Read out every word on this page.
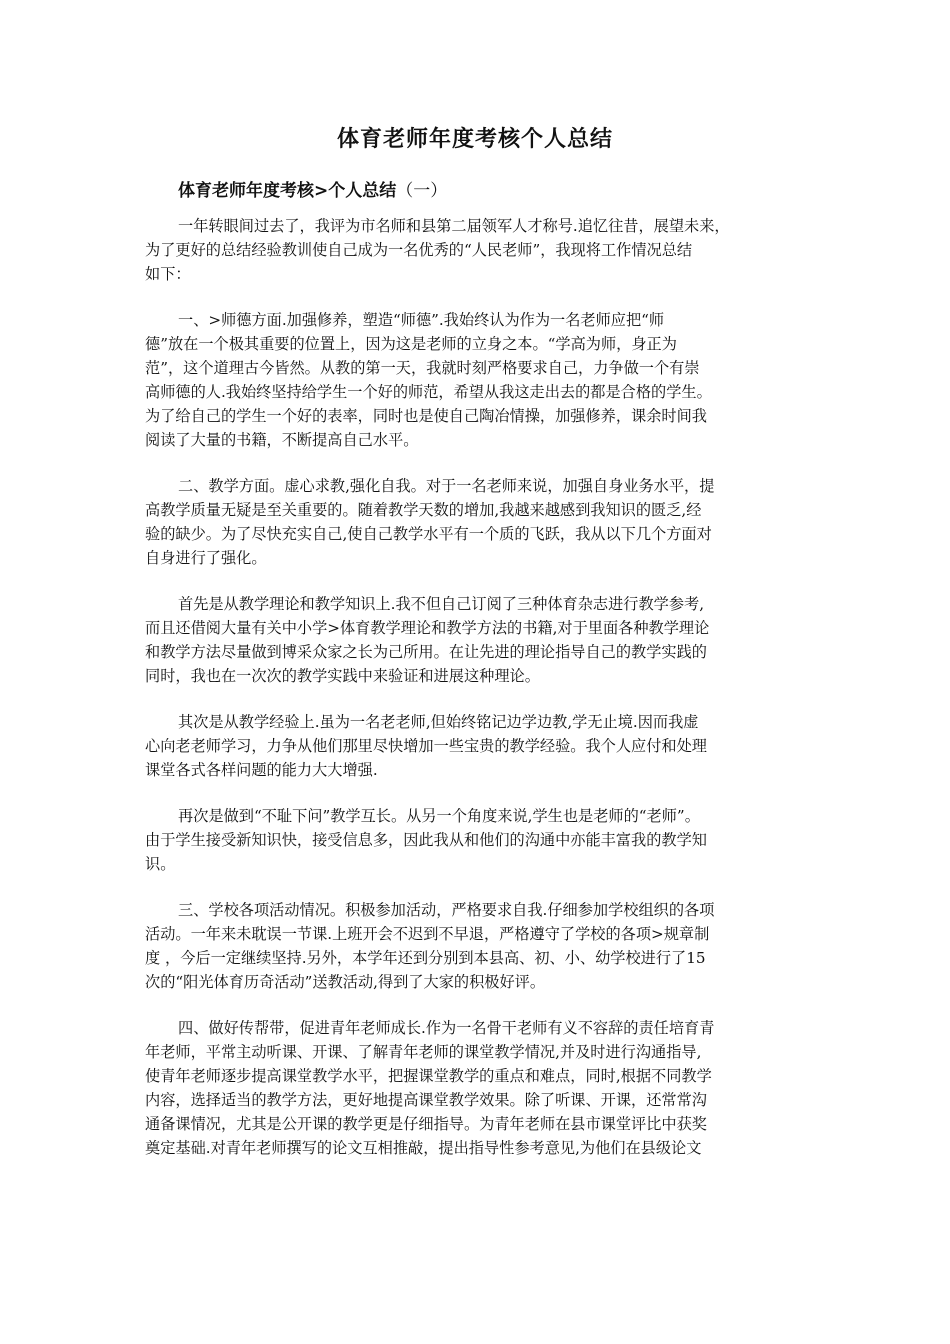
体育老师年度考核个人总结
体育老师年度考核>个人总结（一）
一年转眼间过去了，我评为市名师和县第二届领军人才称号.追忆往昔，展望未来，
为了更好的总结经验教训使自己成为一名优秀的“人民老师”，我现将工作情况总结
如下：
一、>师德方面.加强修养，塑造“师德”.我始终认为作为一名老师应把“师
德”放在一个极其重要的位置上，因为这是老师的立身之本。“学高为师，身正为
范”，这个道理古今皆然。从教的第一天，我就时刻严格要求自己，力争做一个有崇
高师德的人.我始终坚持给学生一个好的师范，希望从我这走出去的都是合格的学生。
为了给自己的学生一个好的表率，同时也是使自己陶冶情操，加强修养，课余时间我
阅读了大量的书籍，不断提高自己水平。
二、教学方面。虚心求教,强化自我。对于一名老师来说，加强自身业务水平，提
高教学质量无疑是至关重要的。随着教学天数的增加,我越来越感到我知识的匮乏,经
验的缺少。为了尽快充实自己,使自己教学水平有一个质的飞跃，我从以下几个方面对
自身进行了强化。
首先是从教学理论和教学知识上.我不但自己订阅了三种体育杂志进行教学参考,
而且还借阅大量有关中小学>体育教学理论和教学方法的书籍,对于里面各种教学理论
和教学方法尽量做到博采众家之长为己所用。在让先进的理论指导自己的教学实践的
同时，我也在一次次的教学实践中来验证和进展这种理论。
其次是从教学经验上.虽为一名老老师,但始终铭记边学边教,学无止境.因而我虚
心向老老师学习，力争从他们那里尽快增加一些宝贵的教学经验。我个人应付和处理
课堂各式各样问题的能力大大增强.
再次是做到“不耻下问”教学互长。从另一个角度来说,学生也是老师的“老师”。
由于学生接受新知识快，接受信息多，因此我从和他们的沟通中亦能丰富我的教学知
识。
三、学校各项活动情况。积极参加活动，严格要求自我.仔细参加学校组织的各项
活动。一年来未耽误一节课.上班开会不迟到不早退，严格遵守了学校的各项>规章制
度 ，今后一定继续坚持.另外，本学年还到分别到本县高、初、小、幼学校进行了15
次的“阳光体育历奇活动”送教活动,得到了大家的积极好评。
四、做好传帮带，促进青年老师成长.作为一名骨干老师有义不容辞的责任培育青
年老师，平常主动听课、开课、了解青年老师的课堂教学情况,并及时进行沟通指导,
使青年老师逐步提高课堂教学水平，把握课堂教学的重点和难点，同时,根据不同教学
内容，选择适当的教学方法，更好地提高课堂教学效果。除了听课、开课，还常常沟
通备课情况，尤其是公开课的教学更是仔细指导。为青年老师在县市课堂评比中获奖
奠定基础.对青年老师撰写的论文互相推敲，提出指导性参考意见,为他们在县级论文
